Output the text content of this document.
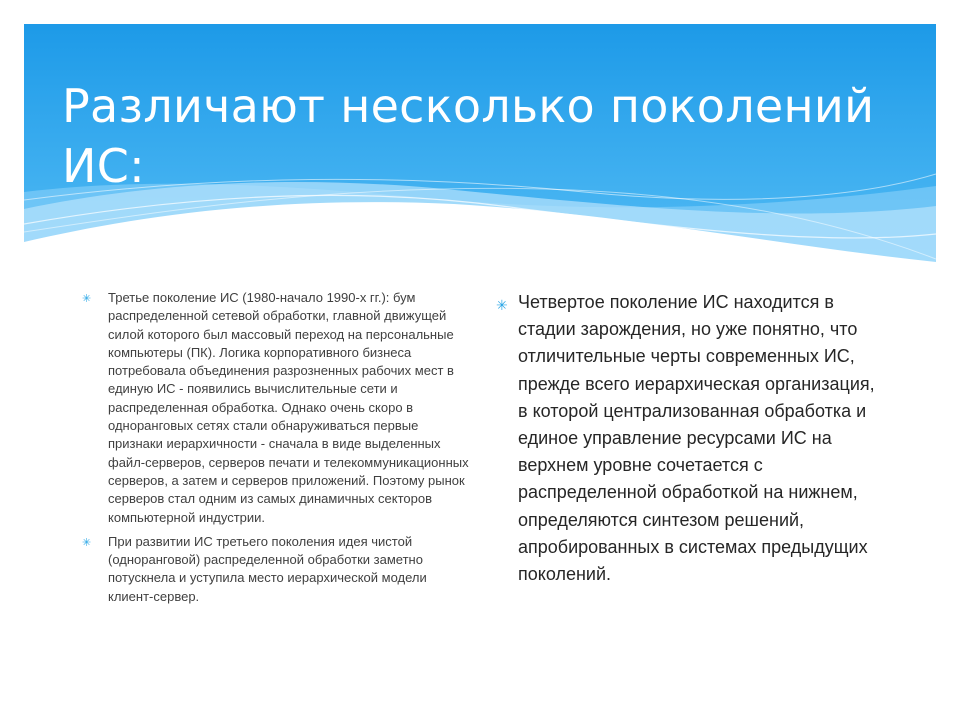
Различают несколько поколений ИС:
✳ Третье поколение ИС (1980-начало 1990-х гг.): бум распределенной сетевой обработки, главной движущей силой которого был массовый переход на персональные компьютеры (ПК). Логика корпоративного бизнеса потребовала объединения разрозненных рабочих мест в единую ИС - появились вычислительные сети и распределенная обработка. Однако очень скоро в одноранговых сетях стали обнаруживаться первые признаки иерархичности - сначала в виде выделенных файл-серверов, серверов печати и телекоммуникационных серверов, а затем и серверов приложений. Поэтому рынок серверов стал одним из самых динамичных секторов компьютерной индустрии.
✳ При развитии ИС третьего поколения идея чистой (одноранговой) распределенной обработки заметно потускнела и уступила место иерархической модели клиент-сервер.
✳ Четвертое поколение ИС находится в стадии зарождения, но уже понятно, что отличительные черты современных ИС, прежде всего иерархическая организация, в которой централизованная обработка и единое управление ресурсами ИС на верхнем уровне сочетается с распределенной обработкой на нижнем, определяются синтезом решений, апробированных в системах предыдущих поколений.
